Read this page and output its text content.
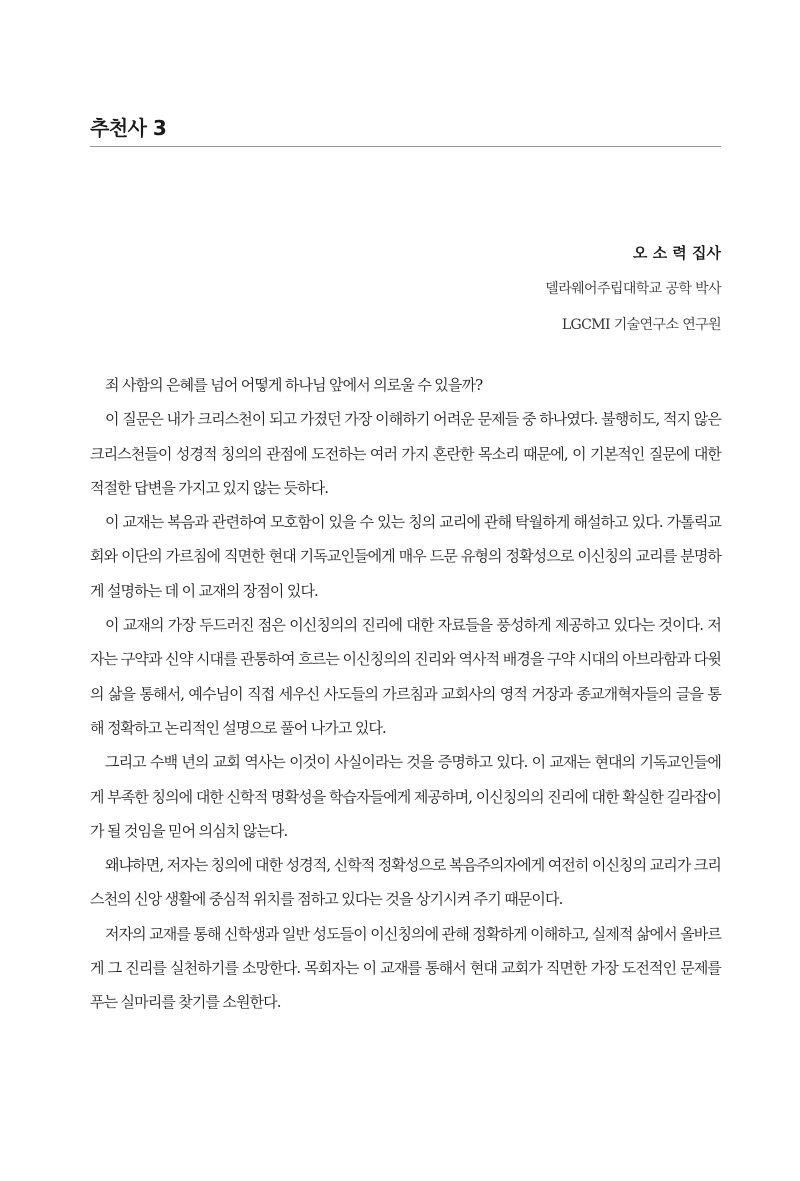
추천사 3
오 소 력 집사
델라웨어주립대학교 공학 박사
LGCMI 기술연구소 연구원

죄 사함의 은혜를 넘어 어떻게 하나님 앞에서 의로울 수 있을까?

이 질문은 내가 크리스천이 되고 가졌던 가장 이해하기 어려운 문제들 중 하나였다. 불행히도, 적지 않은 크리스천들이 성경적 칭의의 관점에 도전하는 여러 가지 혼란한 목소리 때문에, 이 기본적인 질문에 대한 적절한 답변을 가지고 있지 않는 듯하다.

이 교재는 복음과 관련하여 모호함이 있을 수 있는 칭의 교리에 관해 탁월하게 해설하고 있다. 가톨릭교회와 이단의 가르침에 직면한 현대 기독교인들에게 매우 드문 유형의 정확성으로 이신칭의 교리를 분명하게 설명하는 데 이 교재의 장점이 있다.

이 교재의 가장 두드러진 점은 이신칭의의 진리에 대한 자료들을 풍성하게 제공하고 있다는 것이다. 저자는 구약과 신약 시대를 관통하여 흐르는 이신칭의의 진리와 역사적 배경을 구약 시대의 아브라함과 다윗의 삶을 통해서, 예수님이 직접 세우신 사도들의 가르침과 교회사의 영적 거장과 종교개혁자들의 글을 통해 정확하고 논리적인 설명으로 풀어 나가고 있다.

그리고 수백 년의 교회 역사는 이것이 사실이라는 것을 증명하고 있다. 이 교재는 현대의 기독교인들에게 부족한 칭의에 대한 신학적 명확성을 학습자들에게 제공하며, 이신칭의의 진리에 대한 확실한 길라잡이가 될 것임을 믿어 의심치 않는다.

왜냐하면, 저자는 칭의에 대한 성경적, 신학적 정확성으로 복음주의자에게 여전히 이신칭의 교리가 크리스천의 신앙 생활에 중심적 위치를 점하고 있다는 것을 상기시켜 주기 때문이다.

저자의 교재를 통해 신학생과 일반 성도들이 이신칭의에 관해 정확하게 이해하고, 실제적 삶에서 올바르게 그 진리를 실천하기를 소망한다. 목회자는 이 교재를 통해서 현대 교회가 직면한 가장 도전적인 문제를 푸는 실마리를 찾기를 소원한다.
